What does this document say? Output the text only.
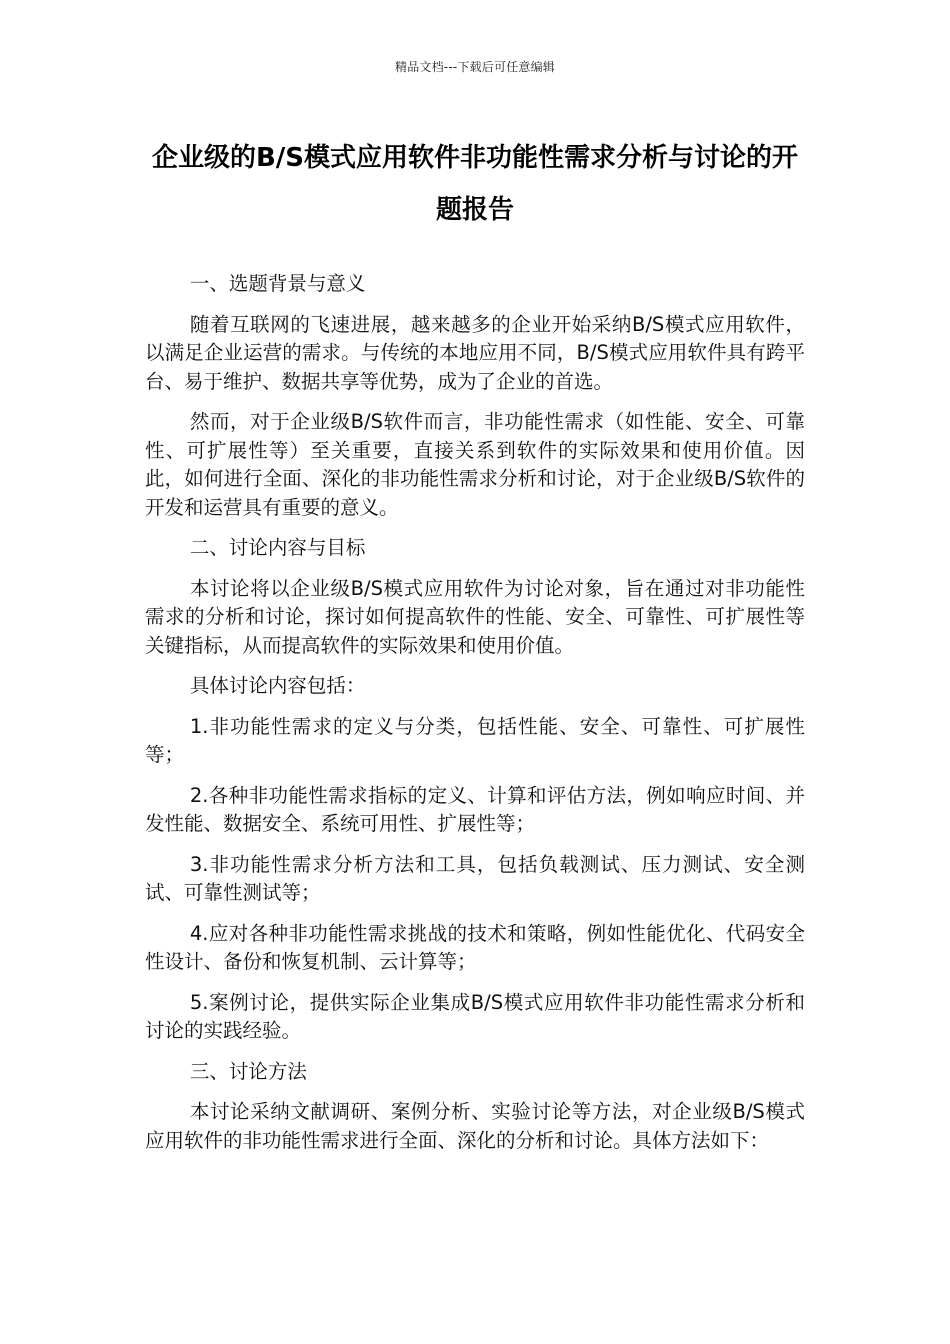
精品文档---下载后可任意编辑
企业级的B/S模式应用软件非功能性需求分析与讨论的开题报告

一、选题背景与意义

随着互联网的飞速进展，越来越多的企业开始采纳B/S模式应用软件，以满足企业运营的需求。与传统的本地应用不同，B/S模式应用软件具有跨平台、易于维护、数据共享等优势，成为了企业的首选。

然而，对于企业级B/S软件而言，非功能性需求（如性能、安全、可靠性、可扩展性等）至关重要，直接关系到软件的实际效果和使用价值。因此，如何进行全面、深化的非功能性需求分析和讨论，对于企业级B/S软件的开发和运营具有重要的意义。

二、讨论内容与目标

本讨论将以企业级B/S模式应用软件为讨论对象，旨在通过对非功能性需求的分析和讨论，探讨如何提高软件的性能、安全、可靠性、可扩展性等关键指标，从而提高软件的实际效果和使用价值。

具体讨论内容包括：

1.非功能性需求的定义与分类，包括性能、安全、可靠性、可扩展性等；

2.各种非功能性需求指标的定义、计算和评估方法，例如响应时间、并发性能、数据安全、系统可用性、扩展性等；

3.非功能性需求分析方法和工具，包括负载测试、压力测试、安全测试、可靠性测试等；

4.应对各种非功能性需求挑战的技术和策略，例如性能优化、代码安全性设计、备份和恢复机制、云计算等；

5.案例讨论，提供实际企业集成B/S模式应用软件非功能性需求分析和讨论的实践经验。

三、讨论方法

本讨论采纳文献调研、案例分析、实验讨论等方法，对企业级B/S模式应用软件的非功能性需求进行全面、深化的分析和讨论。具体方法如下：
